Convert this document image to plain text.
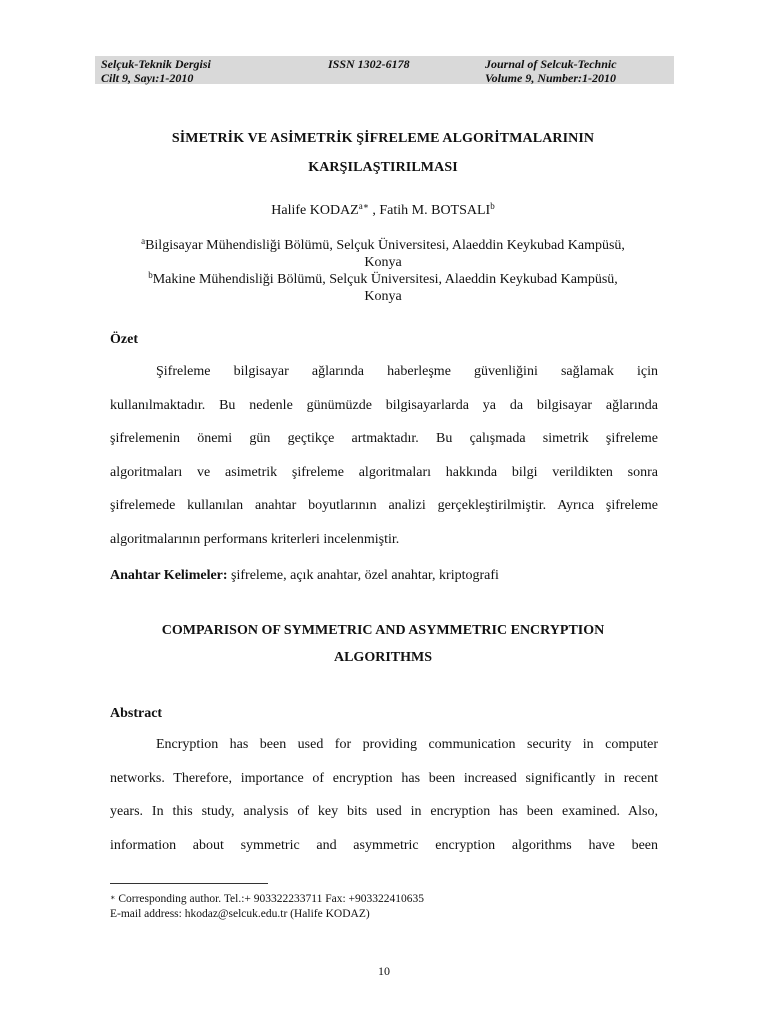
Selçuk-Teknik Dergisi
Cilt 9, Sayı:1-2010
ISSN 1302-6178	Journal of Selcuk-Technic
Volume 9, Number:1-2010
SİMETRİK VE ASİMETRİK ŞİFRELEME ALGORİTMALARININ
KARŞILAŞTIRILMASI
Halife $KODAZ^{a∗}$ , Fatih M. BOTSALI$^b$
$^a$Bilgisayar Mühendisliği Bölümü, Selçuk Üniversitesi, Alaeddin Keykubad Kampüsü,
Konya
$^b$Makine Mühendisliği Bölümü, Selçuk Üniversitesi, Alaeddin Keykubad Kampüsü,
Konya
Özet
Şifreleme bilgisayar ağlarında haberleşme güvenliğini sağlamak için
kullanılmaktadır. Bu nedenle günümüzde bilgisayarlarda ya da bilgisayar ağlarında
şifrelemenin önemi gün geçtikçe artmaktadır. Bu çalışmada simetrik şifreleme
algoritmaları ve asimetrik şifreleme algoritmaları hakkında bilgi verildikten sonra
şifrelemede kullanılan anahtar boyutlarının analizi gerçekleştirilmiştir. Ayrıca şifreleme
algoritmalarının performans kriterleri incelenmiştir.
Anahtar Kelimeler: şifreleme, açık anahtar, özel anahtar, kriptografi
COMPARISON OF SYMMETRIC AND ASYMMETRIC ENCRYPTION
ALGORITHMS
Abstract
Encryption has been used for providing communication security in computer
networks. Therefore, importance of encryption has been increased significantly in recent
years. In this study, analysis of key bits used in encryption has been examined. Also,
information about symmetric and asymmetric encryption algorithms have been
∗ Corresponding author. Tel.:+ 903322233711 Fax: +903322410635
E-mail address: hkodaz@selcuk.edu.tr (Halife KODAZ)
10
